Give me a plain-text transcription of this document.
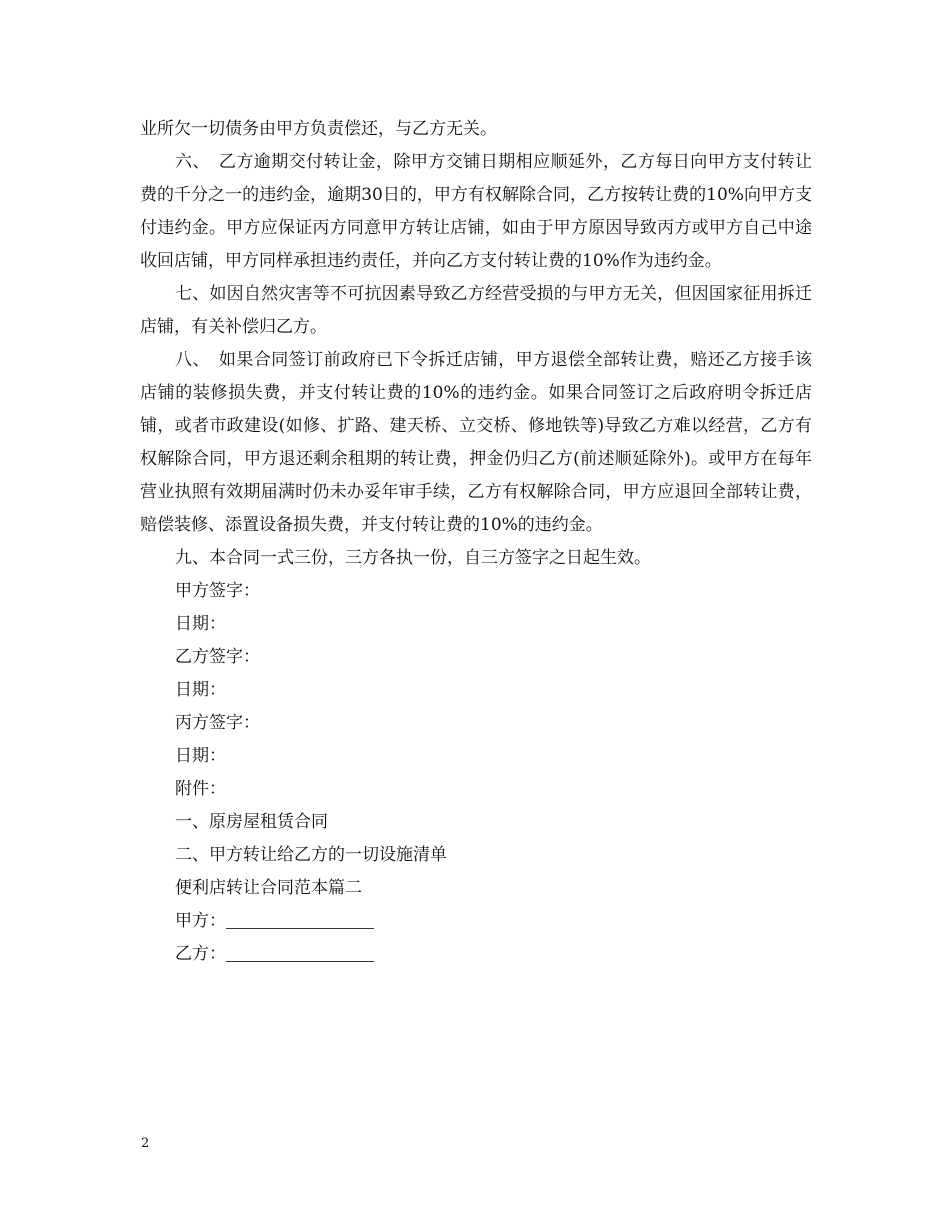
业所欠一切债务由甲方负责偿还，与乙方无关。

六、　乙方逾期交付转让金，除甲方交铺日期相应顺延外，乙方每日向甲方支付转让费的千分之一的违约金，逾期30日的，甲方有权解除合同，乙方按转让费的10%向甲方支付违约金。甲方应保证丙方同意甲方转让店铺，如由于甲方原因导致丙方或甲方自己中途收回店铺，甲方同样承担违约责任，并向乙方支付转让费的10%作为违约金。

七、如因自然灾害等不可抗因素导致乙方经营受损的与甲方无关，但因国家征用拆迁店铺，有关补偿归乙方。

八、　如果合同签订前政府已下令拆迁店铺，甲方退偿全部转让费，赔还乙方接手该店铺的装修损失费，并支付转让费的10%的违约金。如果合同签订之后政府明令拆迁店铺，或者市政建设(如修、扩路、建天桥、立交桥、修地铁等)导致乙方难以经营，乙方有权解除合同，甲方退还剩余租期的转让费，押金仍归乙方(前述顺延除外)。或甲方在每年营业执照有效期届满时仍未办妥年审手续，乙方有权解除合同，甲方应退回全部转让费，赔偿装修、添置设备损失费，并支付转让费的10%的违约金。

九、本合同一式三份，三方各执一份，自三方签字之日起生效。

甲方签字：

日期：

乙方签字：

日期：

丙方签字：

日期：

附件：

一、原房屋租赁合同

二、甲方转让给乙方的一切设施清单

便利店转让合同范本篇二

甲方：

乙方：

2
